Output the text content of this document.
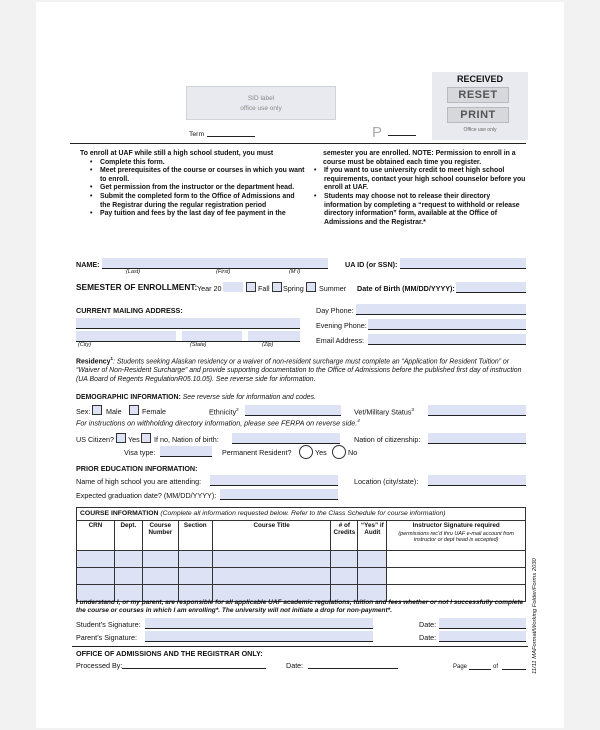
SID label
office use only
Term	P
RECEIVED
RESET
PRINT
Office use only
To enroll at UAF while still a high school student, you must
• Complete this form.
• Meet prerequisites of the course or courses in which you want to enroll.
• Get permission from the instructor or the department head.
• Submit the completed form to the Office of Admissions and the Registrar during the regular registration period
• Pay tuition and fees by the last day of fee payment in the
semester you are enrolled. NOTE: Permission to enroll in a course must be obtained each time you register.
• If you want to use university credit to meet high school requirements, contact your high school counselor before you enroll at UAF.
• Students may choose not to release their directory information by completing a “request to withhold or release directory information” form, available at the Office of Admissions and the Registrar.*
NAME:
(Last)	(First)	(M I)
UA ID (or SSN):
SEMESTER OF ENROLLMENT: Year 20	Fall Spring Summer Date of Birth (MM/DD/YYYY):
CURRENT MAILING ADDRESS:	Day Phone:
Evening Phone:
(City)	(State)	(Zip)	Email Address:
Residency$^1$: Students seeking Alaskan residency or a waiver of non-resident surcharge must complete an “Application for Resident Tuition” or “Waiver of Non-Resident Surcharge” and provide supporting documentation to the Office of Admissions before the published first day of instruction (UA Board of Regents RegulationR05.10.05). See reverse side for information.
DEMOGRAPHIC INFORMATION: See reverse side for information and codes.
Sex: Male	Female	Ethnicity$^2$	Vet/Military Status$^3$
For instructions on withholding directory information, please see FERPA on reverse side.$^4$
US Citizen? Yes If no, Nation of birth:	Nation of citizenship:
Visa type:	Permanent Resident?	Yes	No
PRIOR EDUCATION INFORMATION:
Name of high school you are attending:	Location (city/state):
Expected graduation date? (MM/DD/YYYY):
COURSE INFORMATION (Complete all information requested below. Refer to the Class Schedule for course information)
CRN	Dept.	Course Number	Section	Course Title	# of Credits	“Yes” if Audit	Instructor Signature required
(permissions rec’d thru UAF e-mail account from instructor or dept head is accepted)

I understand I, or my parent, are responsible for all applicable UAF academic regulations, tuition and fees whether or not I successfully complete the course or courses in which I am enrolling*. The university will not initiate a drop for non-payment*.
Student’s Signature:	Date:
Parent’s Signature:	Date:
OFFICE OF ADMISSIONS AND THE REGISTRAR ONLY:
Processed By:	Date:	Page	of	11/11 MAFormat/Working Folder/Forms 2030
